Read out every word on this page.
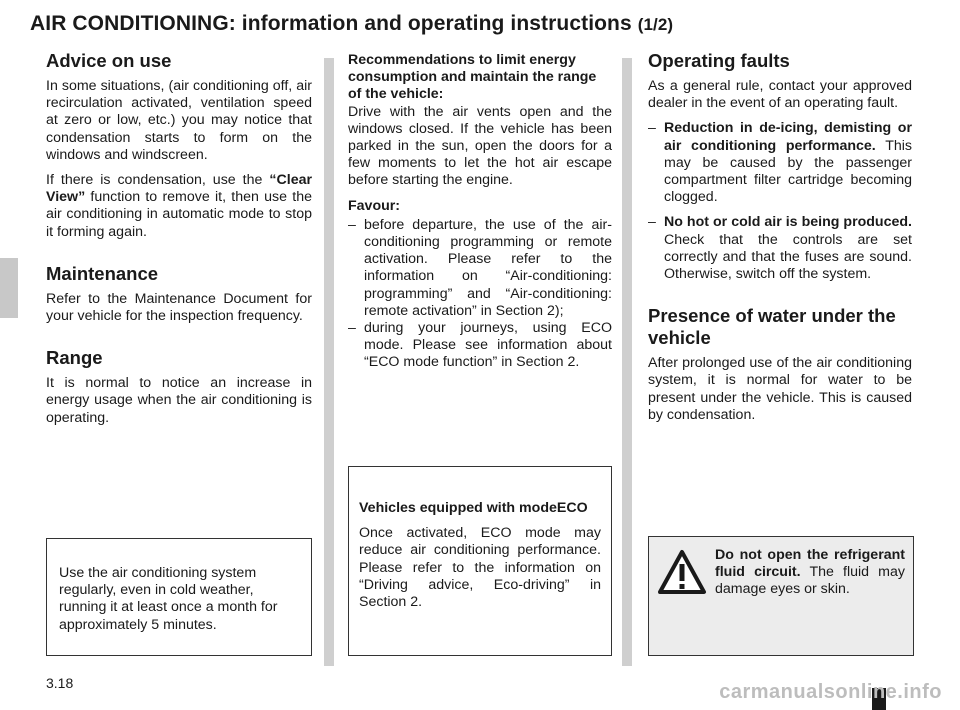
AIR CONDITIONING: information and operating instructions (1/2)
Advice on use

In some situations, (air conditioning off, air recirculation activated, ventilation speed at zero or low, etc.) you may notice that condensation starts to form on the windows and windscreen.

If there is condensation, use the “Clear View” function to remove it, then use the air conditioning in automatic mode to stop it forming again.

Maintenance

Refer to the Maintenance Document for your vehicle for the inspection frequency.

Range

It is normal to notice an increase in energy usage when the air conditioning is operating.

Use the air conditioning system regularly, even in cold weather, running it at least once a month for approximately 5 minutes.

Recommendations to limit energy consumption and maintain the range of the vehicle:

Drive with the air vents open and the windows closed. If the vehicle has been parked in the sun, open the doors for a few moments to let the hot air escape before starting the engine.

Favour:

– before departure, the use of the air-conditioning programming or remote activation. Please refer to the information on “Air-conditioning: programming” and “Air-conditioning: remote activation” in Section 2);
– during your journeys, using ECO mode. Please see information about “ECO mode function” in Section 2.

Vehicles equipped with modeECO

Once activated, ECO mode may reduce air conditioning performance. Please refer to the information on “Driving advice, Eco-driving” in Section 2.

Operating faults

As a general rule, contact your approved dealer in the event of an operating fault.

– Reduction in de-icing, demisting or air conditioning performance. This may be caused by the passenger compartment filter cartridge becoming clogged.
– No hot or cold air is being produced. Check that the controls are set correctly and that the fuses are sound. Otherwise, switch off the system.
Presence of water under the vehicle

After prolonged use of the air conditioning system, it is normal for water to be present under the vehicle. This is caused by condensation.

Do not open the refrigerant fluid circuit. The fluid may damage eyes or skin.
3.18	carmanualsonline.info
